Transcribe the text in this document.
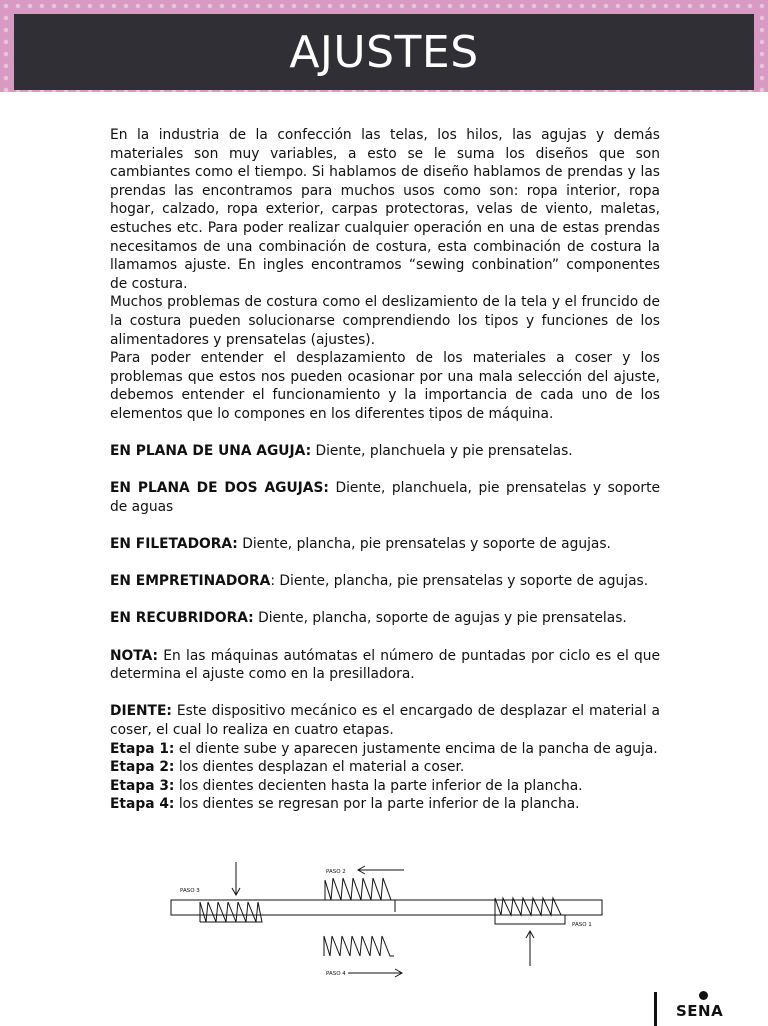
AJUSTES

En la industria de la confección las telas, los hilos, las agujas y demás materiales son muy variables, a esto se le suma los diseños que son cambiantes como el tiempo. Si hablamos de diseño hablamos de prendas y las prendas las encontramos para muchos usos como son: ropa interior, ropa hogar, calzado, ropa exterior, carpas protectoras, velas de viento, maletas, estuches etc. Para poder realizar cualquier operación en una de estas prendas necesitamos de una combinación de costura, esta combinación de costura la llamamos ajuste. En ingles encontramos “sewing conbination” componentes de costura.

Muchos problemas de costura como el deslizamiento de la tela y el fruncido de la costura pueden solucionarse comprendiendo los tipos y funciones de los alimentadores y prensatelas (ajustes).

Para poder entender el desplazamiento de los materiales a coser y los problemas que estos nos pueden ocasionar por una mala selección del ajuste, debemos entender el funcionamiento y la importancia de cada uno de los elementos que lo compones en los diferentes tipos de máquina.

EN PLANA DE UNA AGUJA: Diente, planchuela y pie prensatelas.

EN PLANA DE DOS AGUJAS: Diente, planchuela, pie prensatelas y soporte de aguas

EN FILETADORA: Diente, plancha, pie prensatelas y soporte de agujas.

EN EMPRETINADORA: Diente, plancha, pie prensatelas y soporte de agujas.

EN RECUBRIDORA: Diente, plancha, soporte de agujas y pie prensatelas.

NOTA: En las máquinas autómatas el número de puntadas por ciclo es el que determina el ajuste como en la presilladora.

DIENTE: Este dispositivo mecánico es el encargado de desplazar el material a coser, el cual lo realiza en cuatro etapas.

Etapa 1: el diente sube y aparecen justamente encima de la pancha de aguja.

Etapa 2: los dientes desplazan el material a coser.

Etapa 3: los dientes decienten hasta la parte inferior de la plancha.

Etapa 4: los dientes se regresan por la parte inferior de la plancha.

PASO 3
PASO 2
PASO 1
PASO 4
SENA
